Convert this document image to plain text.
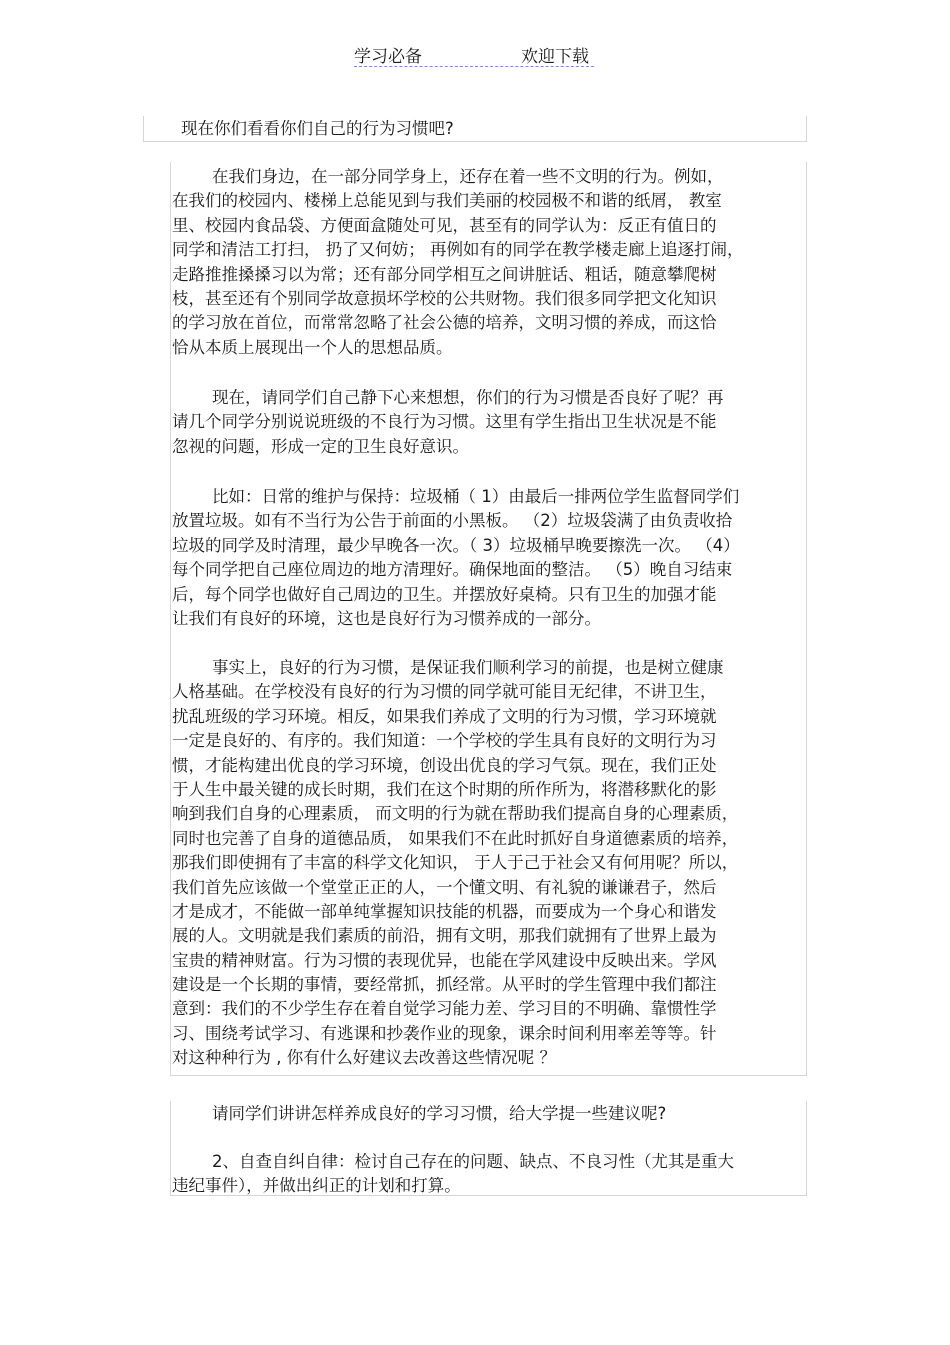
学习必备	欢迎下载
现在你们看看你们自己的行为习惯吧?
在我们身边，在一部分同学身上，还存在着一些不文明的行为。例如，
在我们的校园内、楼梯上总能见到与我们美丽的校园极不和谐的纸屑， 教室
里、校园内食品袋、方便面盒随处可见，甚至有的同学认为：反正有值日的
同学和清洁工打扫， 扔了又何妨； 再例如有的同学在教学楼走廊上追逐打闹，
走路推推搡搡习以为常；还有部分同学相互之间讲脏话、粗话，随意攀爬树
枝，甚至还有个别同学故意损坏学校的公共财物。我们很多同学把文化知识
的学习放在首位，而常常忽略了社会公德的培养，文明习惯的养成，而这恰
恰从本质上展现出一个人的思想品质。
现在，请同学们自己静下心来想想，你们的行为习惯是否良好了呢？再
请几个同学分别说说班级的不良行为习惯。这里有学生指出卫生状况是不能
忽视的问题，形成一定的卫生良好意识。
比如：日常的维护与保持：垃圾桶（ 1）由最后一排两位学生监督同学们
放置垃圾。如有不当行为公告于前面的小黑板。 （2）垃圾袋满了由负责收拾
垃圾的同学及时清理，最少早晚各一次。（ 3）垃圾桶早晚要擦洗一次。 （4）
每个同学把自己座位周边的地方清理好。确保地面的整洁。 （5）晚自习结束
后，每个同学也做好自己周边的卫生。并摆放好桌椅。只有卫生的加强才能
让我们有良好的环境，这也是良好行为习惯养成的一部分。
事实上，良好的行为习惯，是保证我们顺利学习的前提，也是树立健康
人格基础。在学校没有良好的行为习惯的同学就可能目无纪律，不讲卫生，
扰乱班级的学习环境。相反，如果我们养成了文明的行为习惯，学习环境就
一定是良好的、有序的。我们知道：一个学校的学生具有良好的文明行为习
惯，才能构建出优良的学习环境，创设出优良的学习气氛。现在，我们正处
于人生中最关键的成长时期，我们在这个时期的所作所为，将潜移默化的影
响到我们自身的心理素质， 而文明的行为就在帮助我们提高自身的心理素质，
同时也完善了自身的道德品质， 如果我们不在此时抓好自身道德素质的培养，
那我们即使拥有了丰富的科学文化知识， 于人于己于社会又有何用呢？所以，
我们首先应该做一个堂堂正正的人，一个懂文明、有礼貌的谦谦君子，然后
才是成才，不能做一部单纯掌握知识技能的机器，而要成为一个身心和谐发
展的人。文明就是我们素质的前沿，拥有文明，那我们就拥有了世界上最为
宝贵的精神财富。行为习惯的表现优异，也能在学风建设中反映出来。学风
建设是一个长期的事情，要经常抓，抓经常。从平时的学生管理中我们都注
意到：我们的不少学生存在着自觉学习能力差、学习目的不明确、靠惯性学
习、围绕考试学习、有逃课和抄袭作业的现象，课余时间利用率差等等。针
对这种种行为 , 你有什么好建议去改善这些情况呢 ？
请同学们讲讲怎样养成良好的学习习惯，给大学提一些建议呢?
2、自查自纠自律：检讨自己存在的问题、缺点、不良习性（尤其是重大
违纪事件），并做出纠正的计划和打算。
